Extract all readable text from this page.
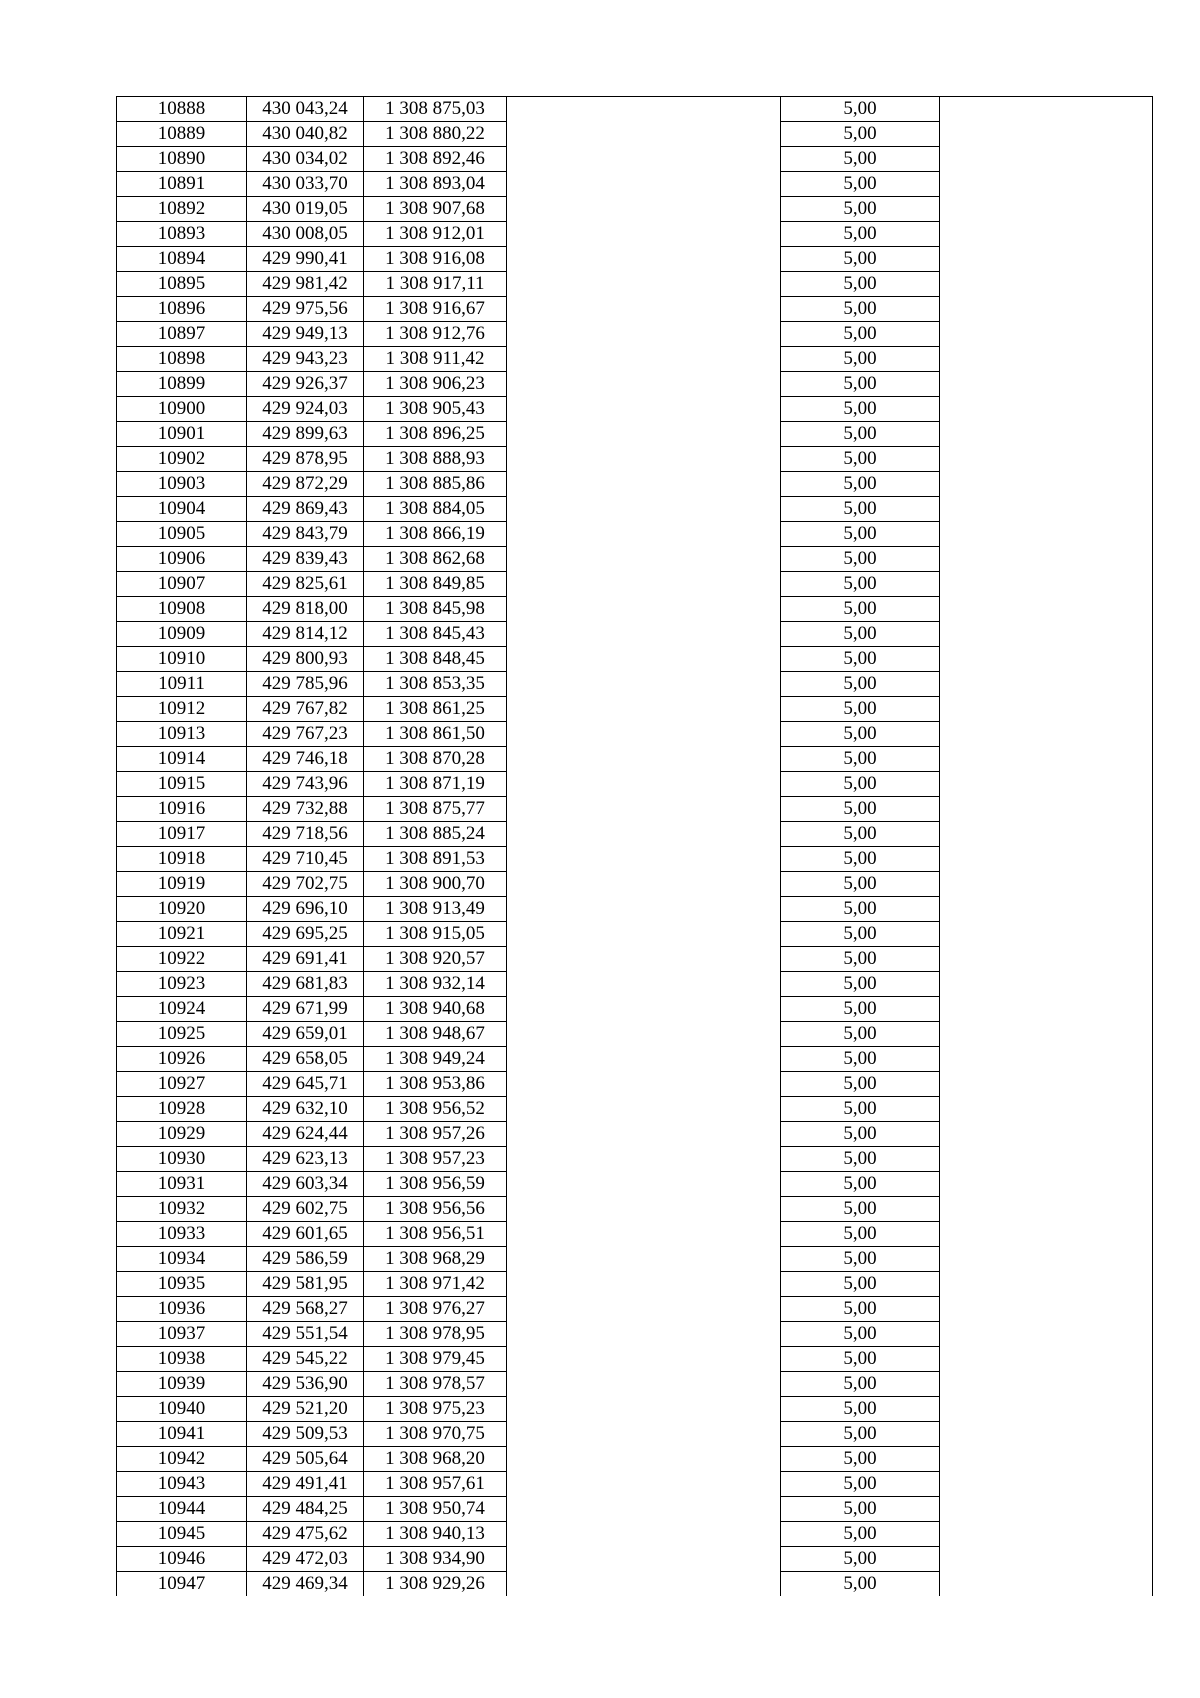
10888	430 043,24	1 308 875,03		5,00	
10889	430 040,82	1 308 880,22		5,00	
10890	430 034,02	1 308 892,46		5,00	
10891	430 033,70	1 308 893,04		5,00	
10892	430 019,05	1 308 907,68		5,00	
10893	430 008,05	1 308 912,01		5,00	
10894	429 990,41	1 308 916,08		5,00	
10895	429 981,42	1 308 917,11		5,00	
10896	429 975,56	1 308 916,67		5,00	
10897	429 949,13	1 308 912,76		5,00	
10898	429 943,23	1 308 911,42		5,00	
10899	429 926,37	1 308 906,23		5,00	
10900	429 924,03	1 308 905,43		5,00	
10901	429 899,63	1 308 896,25		5,00	
10902	429 878,95	1 308 888,93		5,00	
10903	429 872,29	1 308 885,86		5,00	
10904	429 869,43	1 308 884,05		5,00	
10905	429 843,79	1 308 866,19		5,00	
10906	429 839,43	1 308 862,68		5,00	
10907	429 825,61	1 308 849,85		5,00	
10908	429 818,00	1 308 845,98		5,00	
10909	429 814,12	1 308 845,43		5,00	
10910	429 800,93	1 308 848,45		5,00	
10911	429 785,96	1 308 853,35		5,00	
10912	429 767,82	1 308 861,25		5,00	
10913	429 767,23	1 308 861,50		5,00	
10914	429 746,18	1 308 870,28		5,00	
10915	429 743,96	1 308 871,19		5,00	
10916	429 732,88	1 308 875,77		5,00	
10917	429 718,56	1 308 885,24		5,00	
10918	429 710,45	1 308 891,53		5,00	
10919	429 702,75	1 308 900,70		5,00	
10920	429 696,10	1 308 913,49		5,00	
10921	429 695,25	1 308 915,05		5,00	
10922	429 691,41	1 308 920,57		5,00	
10923	429 681,83	1 308 932,14		5,00	
10924	429 671,99	1 308 940,68		5,00	
10925	429 659,01	1 308 948,67		5,00	
10926	429 658,05	1 308 949,24		5,00	
10927	429 645,71	1 308 953,86		5,00	
10928	429 632,10	1 308 956,52		5,00	
10929	429 624,44	1 308 957,26		5,00	
10930	429 623,13	1 308 957,23		5,00	
10931	429 603,34	1 308 956,59		5,00	
10932	429 602,75	1 308 956,56		5,00	
10933	429 601,65	1 308 956,51		5,00	
10934	429 586,59	1 308 968,29		5,00	
10935	429 581,95	1 308 971,42		5,00	
10936	429 568,27	1 308 976,27		5,00	
10937	429 551,54	1 308 978,95		5,00	
10938	429 545,22	1 308 979,45		5,00	
10939	429 536,90	1 308 978,57		5,00	
10940	429 521,20	1 308 975,23		5,00	
10941	429 509,53	1 308 970,75		5,00	
10942	429 505,64	1 308 968,20		5,00	
10943	429 491,41	1 308 957,61		5,00	
10944	429 484,25	1 308 950,74		5,00	
10945	429 475,62	1 308 940,13		5,00	
10946	429 472,03	1 308 934,90		5,00	
10947	429 469,34	1 308 929,26		5,00	
